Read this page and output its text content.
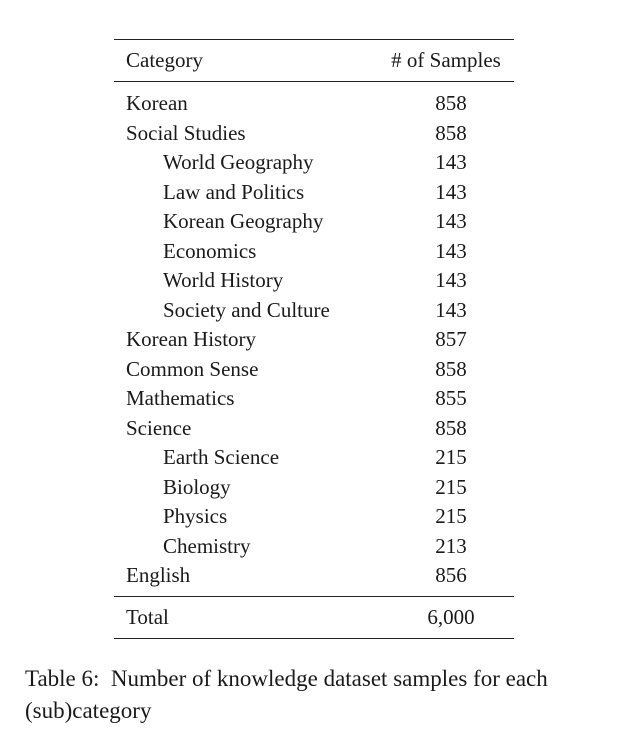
Category	# of Samples
Korean	858
Social Studies	858
World Geography	143
Law and Politics	143
Korean Geography	143
Economics	143
World History	143
Society and Culture	143
Korean History	857
Common Sense	858
Mathematics	855
Science	858
Earth Science	215
Biology	215
Physics	215
Chemistry	213
English	856
Total	6,000
Table 6:  Number of knowledge dataset samples for each
(sub)category
